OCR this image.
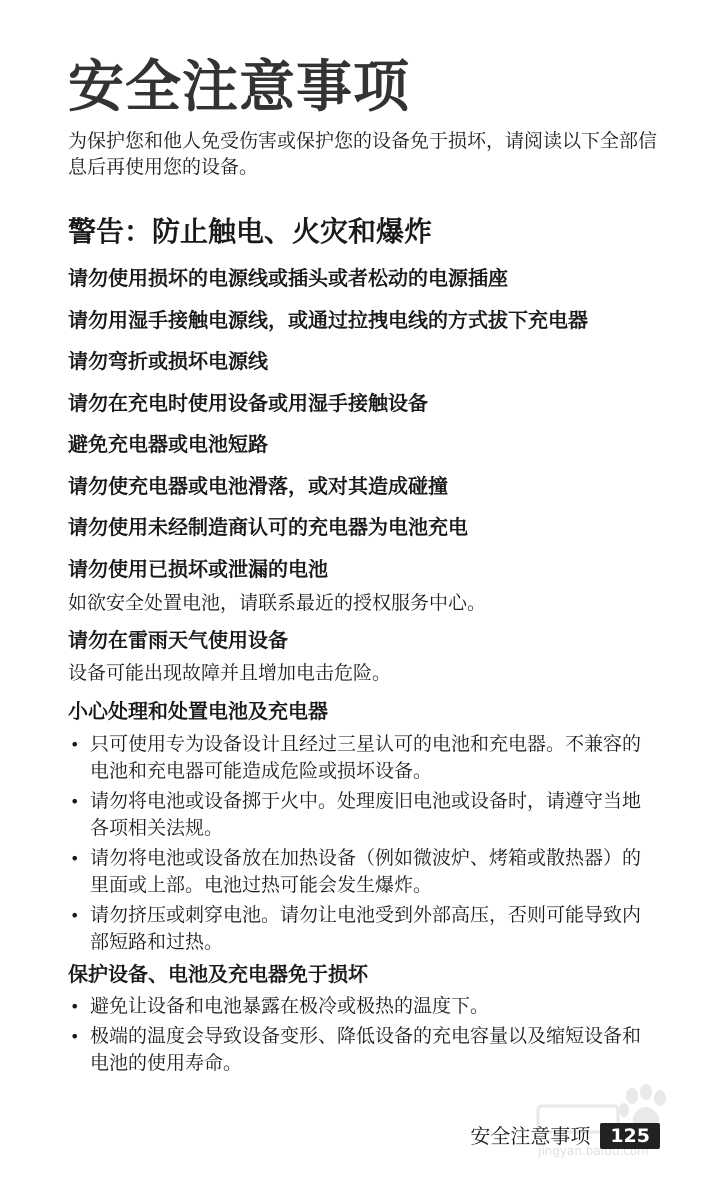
安全注意事项

为保护您和他人免受伤害或保护您的设备免于损坏，请阅读以下全部信息后再使用您的设备。

警告：防止触电、火灾和爆炸

请勿使用损坏的电源线或插头或者松动的电源插座

请勿用湿手接触电源线，或通过拉拽电线的方式拔下充电器

请勿弯折或损坏电源线

请勿在充电时使用设备或用湿手接触设备

避免充电器或电池短路

请勿使充电器或电池滑落，或对其造成碰撞

请勿使用未经制造商认可的充电器为电池充电

请勿使用已损坏或泄漏的电池

如欲安全处置电池，请联系最近的授权服务中心。

请勿在雷雨天气使用设备

设备可能出现故障并且增加电击危险。

小心处理和处置电池及充电器

• 只可使用专为设备设计且经过三星认可的电池和充电器。不兼容的电池和充电器可能造成危险或损坏设备。
• 请勿将电池或设备掷于火中。处理废旧电池或设备时，请遵守当地各项相关法规。
• 请勿将电池或设备放在加热设备（例如微波炉、烤箱或散热器）的里面或上部。电池过热可能会发生爆炸。
• 请勿挤压或刺穿电池。请勿让电池受到外部高压，否则可能导致内部短路和过热。

保护设备、电池及充电器免于损坏

• 避免让设备和电池暴露在极冷或极热的温度下。
• 极端的温度会导致设备变形、降低设备的充电容量以及缩短设备和电池的使用寿命。
jingyan.baidu.com
安全注意事项	125
